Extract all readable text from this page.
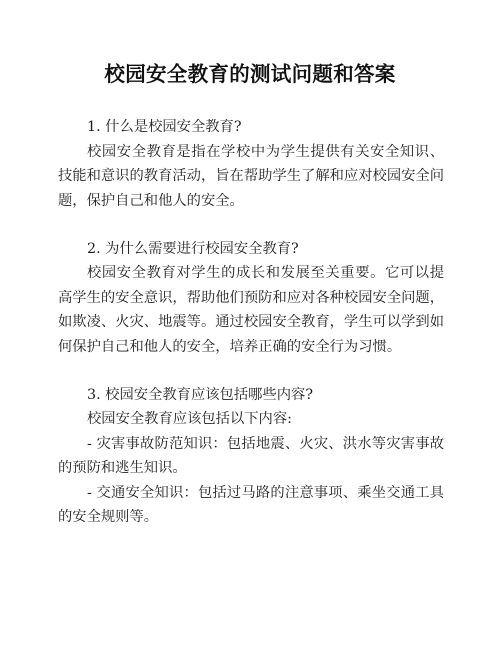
校园安全教育的测试问题和答案

1. 什么是校园安全教育?

校园安全教育是指在学校中为学生提供有关安全知识、技能和意识的教育活动，旨在帮助学生了解和应对校园安全问题，保护自己和他人的安全。

2. 为什么需要进行校园安全教育?

校园安全教育对学生的成长和发展至关重要。它可以提高学生的安全意识，帮助他们预防和应对各种校园安全问题，如欺凌、火灾、地震等。通过校园安全教育，学生可以学到如何保护自己和他人的安全，培养正确的安全行为习惯。

3. 校园安全教育应该包括哪些内容?

校园安全教育应该包括以下内容:

- 灾害事故防范知识：包括地震、火灾、洪水等灾害事故的预防和逃生知识。

- 交通安全知识：包括过马路的注意事项、乘坐交通工具的安全规则等。
